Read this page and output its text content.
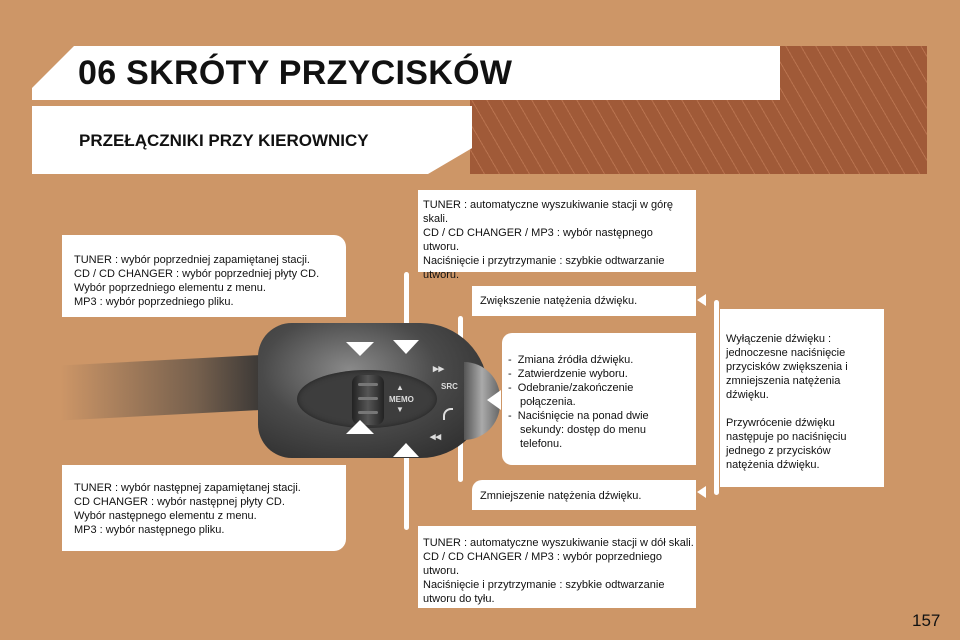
06 SKRÓTY PRZYCISKÓW
PRZEŁĄCZNIKI PRZY KIEROWNICY

TUNER : wybór poprzedniej zapamiętanej stacji.

CD / CD CHANGER : wybór poprzedniej płyty CD.

Wybór poprzedniego elementu z menu.

MP3 : wybór poprzedniego pliku.

TUNER : wybór następnej zapamiętanej stacji.

CD CHANGER : wybór następnej płyty CD.

Wybór następnego elementu z menu.

MP3 : wybór następnego pliku.

TUNER : automatyczne wyszukiwanie stacji w górę skali.

CD / CD CHANGER / MP3 : wybór następnego

utworu.

Naciśnięcie i przytrzymanie : szybkie odtwarzanie

utworu.

Zwiększenie natężenia dźwięku.

-  Zmiana źródła dźwięku.

-  Zatwierdzenie wyboru.

-  Odebranie/zakończenie połączenia.

-  Naciśnięcie na ponad dwie sekundy: dostęp do menu telefonu.

Zmniejszenie natężenia dźwięku.

TUNER : automatyczne wyszukiwanie stacji w dół skali.

CD / CD CHANGER / MP3 : wybór poprzedniego

utworu.

Naciśnięcie i przytrzymanie : szybkie odtwarzanie

utworu do tyłu.

Wyłączenie dźwięku : jednoczesne naciśnięcie przycisków zwiększenia i zmniejszenia natężenia dźwięku.

Przywrócenie dźwięku następuje po naciśnięciu jednego z przycisków natężenia dźwięku.

▲
MEMO
▼
SRC
▸▸
◂◂
157
